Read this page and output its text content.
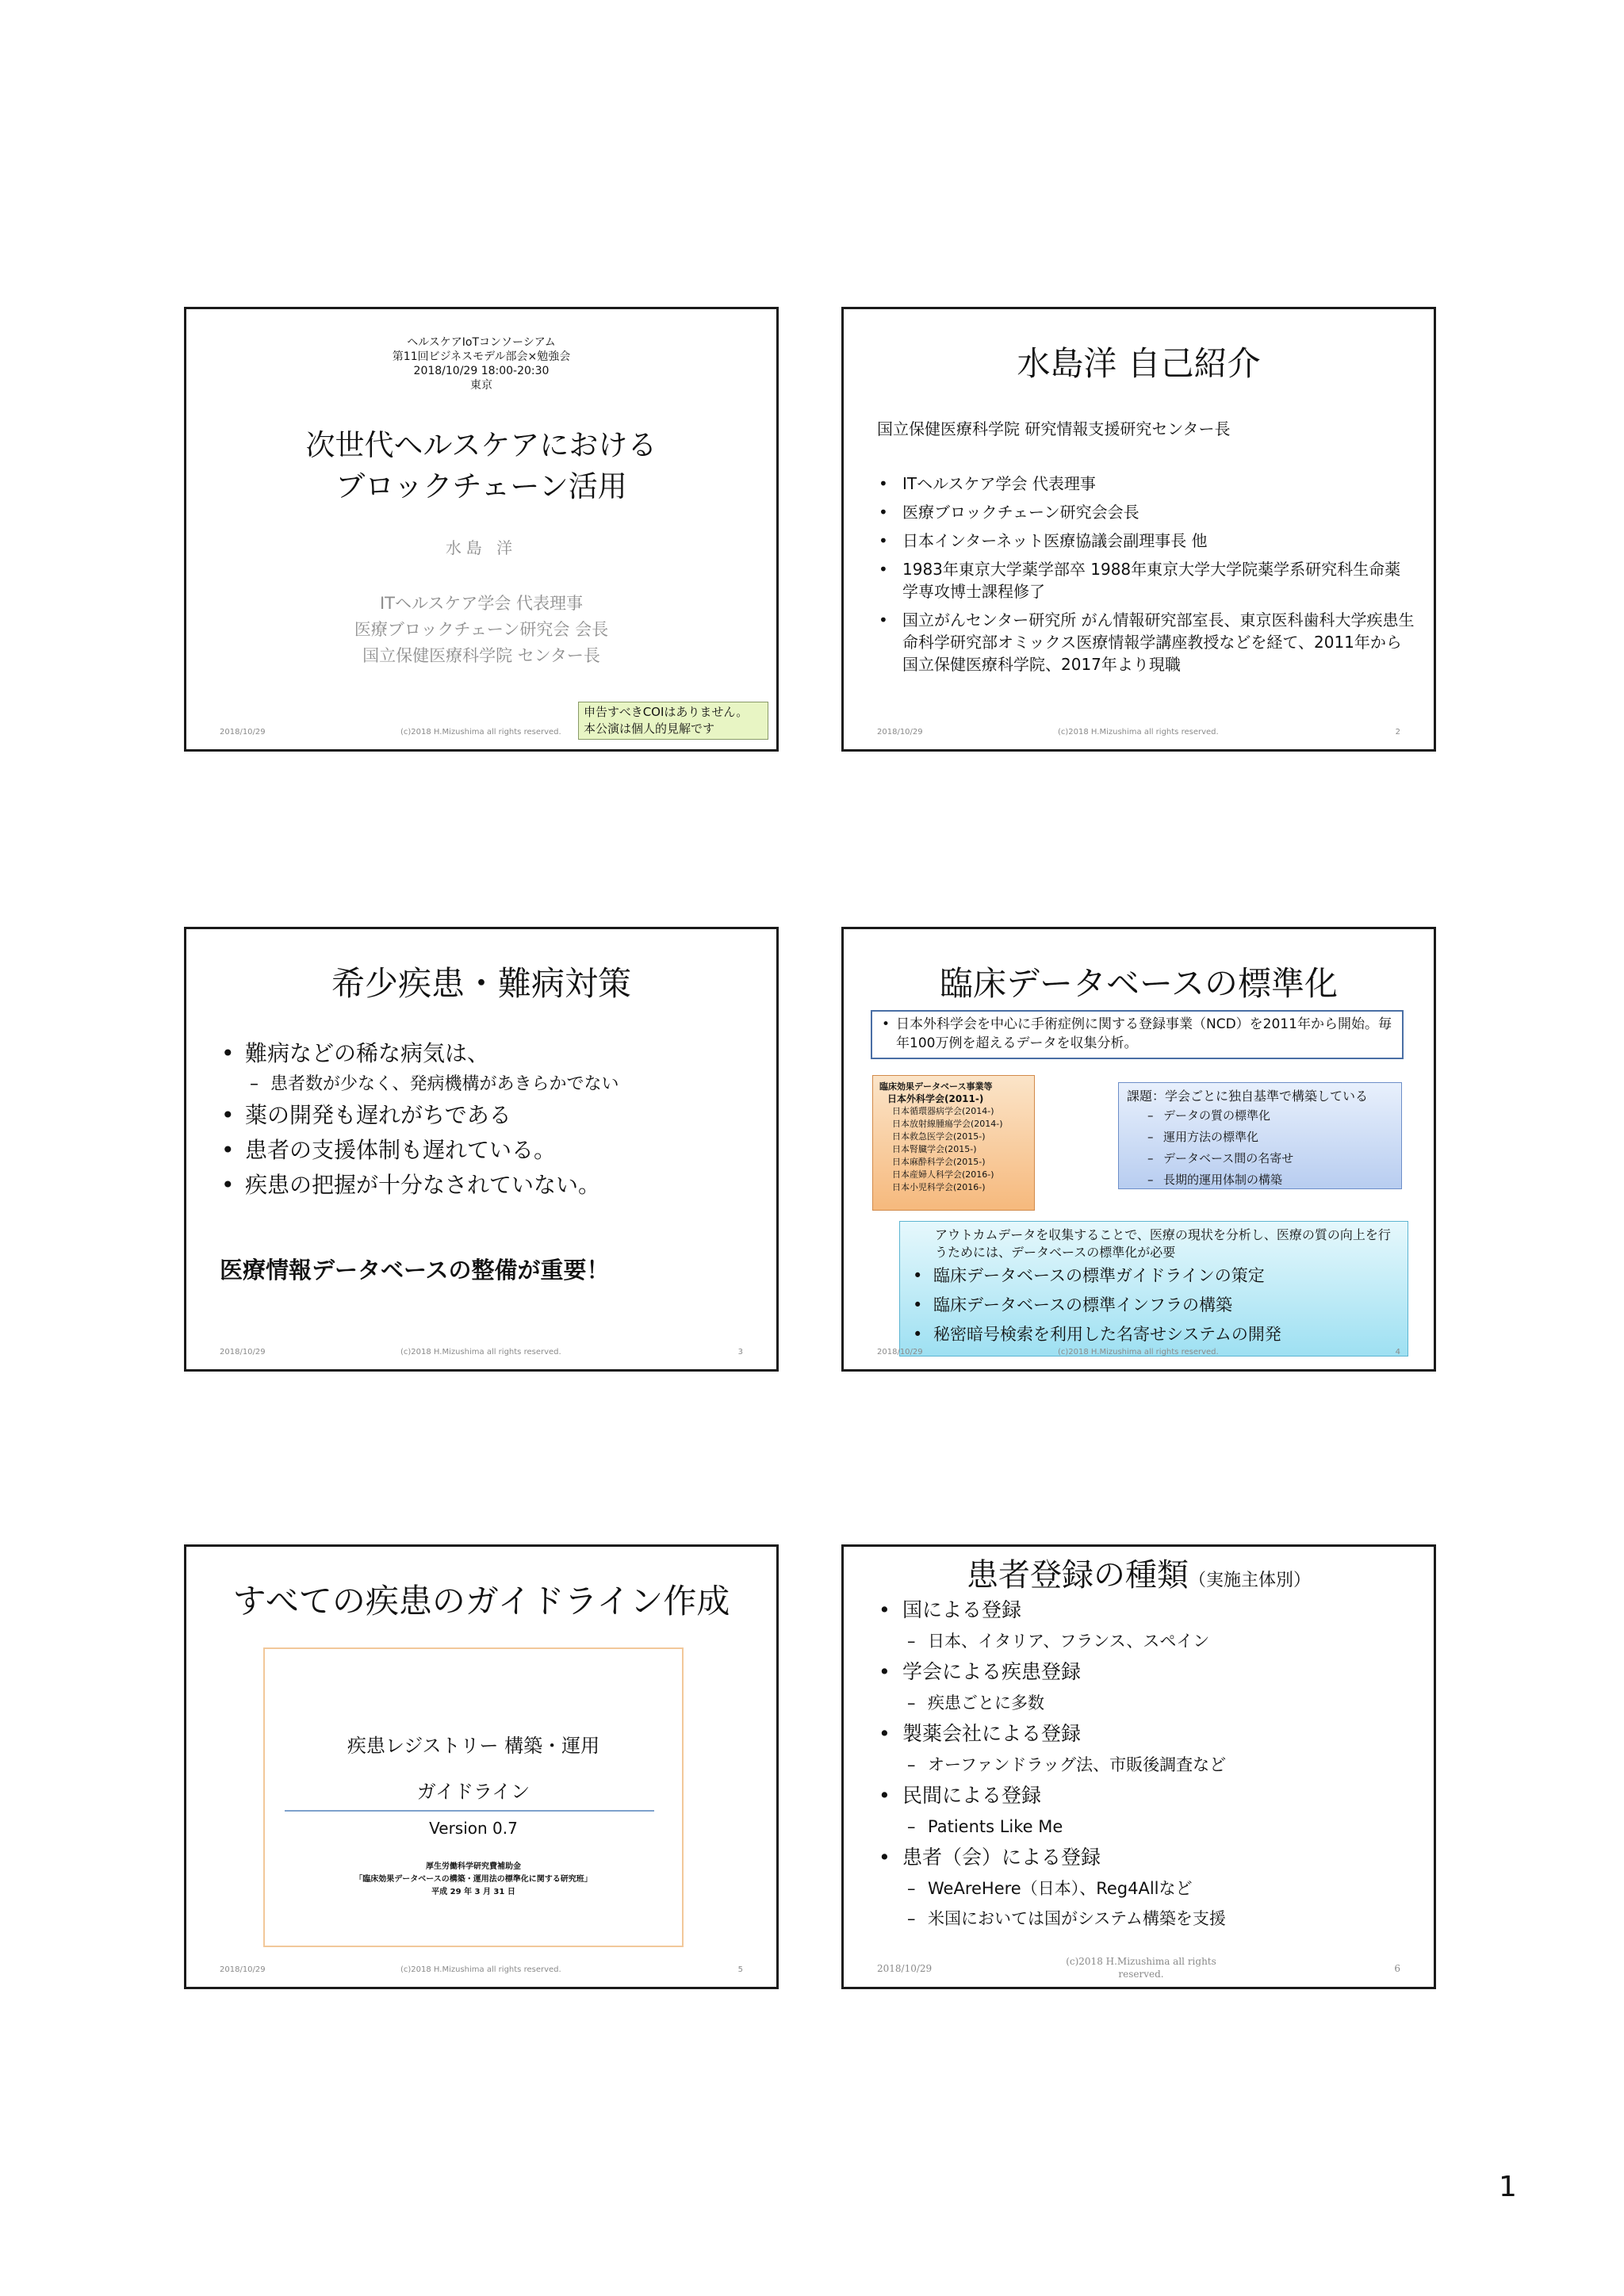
ヘルスケアIoTコンソーシアム
第11回ビジネスモデル部会×勉強会
2018/10/29 18:00-20:30
東京
次世代ヘルスケアにおける
ブロックチェーン活用
水島 洋
ITヘルスケア学会 代表理事
医療ブロックチェーン研究会 会長
国立保健医療科学院 センター長
申告すべきCOIはありません。
本公演は個人的見解です
2018/10/29	(c)2018 H.Mizushima all rights reserved.
水島洋 自己紹介
国立保健医療科学院 研究情報支援研究センター長
• ITヘルスケア学会 代表理事
• 医療ブロックチェーン研究会会長
• 日本インターネット医療協議会副理事長 他
• 1983年東京大学薬学部卒 1988年東京大学大学院薬学系研究科生命薬学専攻博士課程修了
• 国立がんセンター研究所 がん情報研究部室長、東京医科歯科大学疾患生命科学研究部オミックス医療情報学講座教授などを経て、2011年から国立保健医療科学院、2017年より現職
2018/10/29	(c)2018 H.Mizushima all rights reserved.	2
希少疾患・難病対策
• 難病などの稀な病気は、
– 患者数が少なく、発病機構があきらかでない
• 薬の開発も遅れがちである
• 患者の支援体制も遅れている。
• 疾患の把握が十分なされていない。
医療情報データベースの整備が重要！
2018/10/29	(c)2018 H.Mizushima all rights reserved.	3
臨床データベースの標準化
• 日本外科学会を中心に手術症例に関する登録事業（NCD）を2011年から開始。毎年100万例を超えるデータを収集分析。
臨床効果データベース事業等
日本外科学会(2011-)
日本循環器病学会(2014-)
日本放射線腫瘍学会(2014-)
日本救急医学会(2015-)
日本腎臓学会(2015-)
日本麻酔科学会(2015-)
日本産婦人科学会(2016-)
日本小児科学会(2016-)
課題：学会ごとに独自基準で構築している
– データの質の標準化
– 運用方法の標準化
– データベース間の名寄せ
– 長期的運用体制の構築
アウトカムデータを収集することで、医療の現状を分析し、医療の質の向上を行うためには、データベースの標準化が必要
• 臨床データベースの標準ガイドラインの策定
• 臨床データベースの標準インフラの構築
• 秘密暗号検索を利用した名寄せシステムの開発
2018/10/29	(c)2018 H.Mizushima all rights reserved.	4
すべての疾患のガイドライン作成
疾患レジストリー 構築・運用
ガイドライン
Version 0.7
厚生労働科学研究費補助金
「臨床効果データベースの構築・運用法の標準化に関する研究班」
平成 29 年 3 月 31 日
2018/10/29	(c)2018 H.Mizushima all rights reserved.	5
患者登録の種類（実施主体別）
• 国による登録
– 日本、イタリア、フランス、スペイン
• 学会による疾患登録
– 疾患ごとに多数
• 製薬会社による登録
– オーファンドラッグ法、市販後調査など
• 民間による登録
– Patients Like Me
• 患者（会）による登録
– WeAreHere（日本）、Reg4Allなど
– 米国においては国がシステム構築を支援
2018/10/29
(c)2018 H.Mizushima all rights reserved.	6
1
